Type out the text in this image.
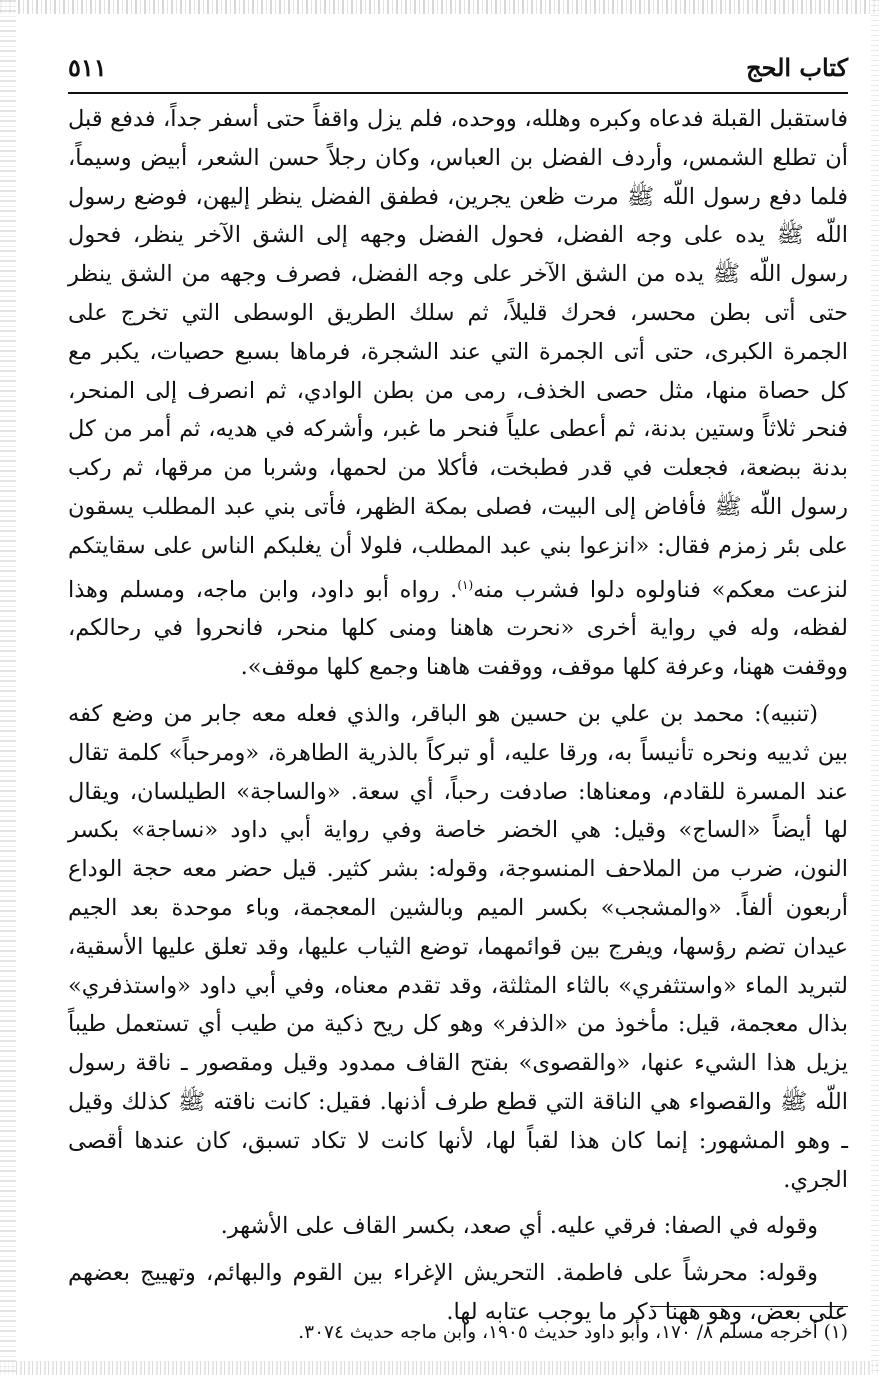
كتاب الحج
٥١١

فاستقبل القبلة فدعاه وكبره وهلله، ووحده، فلم يزل واقفاً حتى أسفر جداً، فدفع قبل أن تطلع الشمس، وأردف الفضل بن العباس، وكان رجلاً حسن الشعر، أبيض وسيماً، فلما دفع رسول اللّه ﷺ مرت ظعن يجرين، فطفق الفضل ينظر إليهن، فوضع رسول اللّه ﷺ يده على وجه الفضل، فحول الفضل وجهه إلى الشق الآخر ينظر، فحول رسول اللّه ﷺ يده من الشق الآخر على وجه الفضل، فصرف وجهه من الشق ينظر حتى أتى بطن محسر، فحرك قليلاً، ثم سلك الطريق الوسطى التي تخرج على الجمرة الكبرى، حتى أتى الجمرة التي عند الشجرة، فرماها بسبع حصيات، يكبر مع كل حصاة منها، مثل حصى الخذف، رمى من بطن الوادي، ثم انصرف إلى المنحر، فنحر ثلاثاً وستين بدنة، ثم أعطى علياً فنحر ما غبر، وأشركه في هديه، ثم أمر من كل بدنة ببضعة، فجعلت في قدر فطبخت، فأكلا من لحمها، وشربا من مرقها، ثم ركب رسول اللّه ﷺ فأفاض إلى البيت، فصلى بمكة الظهر، فأتى بني عبد المطلب يسقون على بئر زمزم فقال: «انزعوا بني عبد المطلب، فلولا أن يغلبكم الناس على سقايتكم لنزعت معكم» فناولوه دلوا فشرب منه$^{(١)}$. رواه أبو داود، وابن ماجه، ومسلم وهذا لفظه، وله في رواية أخرى «نحرت هاهنا ومنى كلها منحر، فانحروا في رحالكم، ووقفت ههنا، وعرفة كلها موقف، ووقفت هاهنا وجمع كلها موقف».

(تنبيه): محمد بن علي بن حسين هو الباقر، والذي فعله معه جابر من وضع كفه بين ثدييه ونحره تأنيساً به، ورقا عليه، أو تبركاً بالذرية الطاهرة، «ومرحباً» كلمة تقال عند المسرة للقادم، ومعناها: صادفت رحباً، أي سعة. «والساجة» الطيلسان، ويقال لها أيضاً «الساج» وقيل: هي الخضر خاصة وفي رواية أبي داود «نساجة» بكسر النون، ضرب من الملاحف المنسوجة، وقوله: بشر كثير. قيل حضر معه حجة الوداع أربعون ألفاً. «والمشجب» بكسر الميم وبالشين المعجمة، وباء موحدة بعد الجيم عيدان تضم رؤسها، ويفرج بين قوائمهما، توضع الثياب عليها، وقد تعلق عليها الأسقية، لتبريد الماء «واستثفري» بالثاء المثلثة، وقد تقدم معناه، وفي أبي داود «واستذفري» بذال معجمة، قيل: مأخوذ من «الذفر» وهو كل ريح ذكية من طيب أي تستعمل طيباً يزيل هذا الشيء عنها، «والقصوى» بفتح القاف ممدود وقيل ومقصور ـ ناقة رسول اللّه ﷺ والقصواء هي الناقة التي قطع طرف أذنها. فقيل: كانت ناقته ﷺ كذلك وقيل ـ وهو المشهور: إنما كان هذا لقباً لها، لأنها كانت لا تكاد تسبق، كان عندها أقصى الجري.

وقوله في الصفا: فرقي عليه. أي صعد، بكسر القاف على الأشهر.

وقوله: محرشاً على فاطمة. التحريش الإغراء بين القوم والبهائم، وتهييج بعضهم على بعض، وهو ههنا ذكر ما يوجب عتابه لها.

(١) أخرجه مسلم ٨/ ١٧٠، وأبو داود حديث ١٩٠٥، وابن ماجه حديث ٣٠٧٤.
